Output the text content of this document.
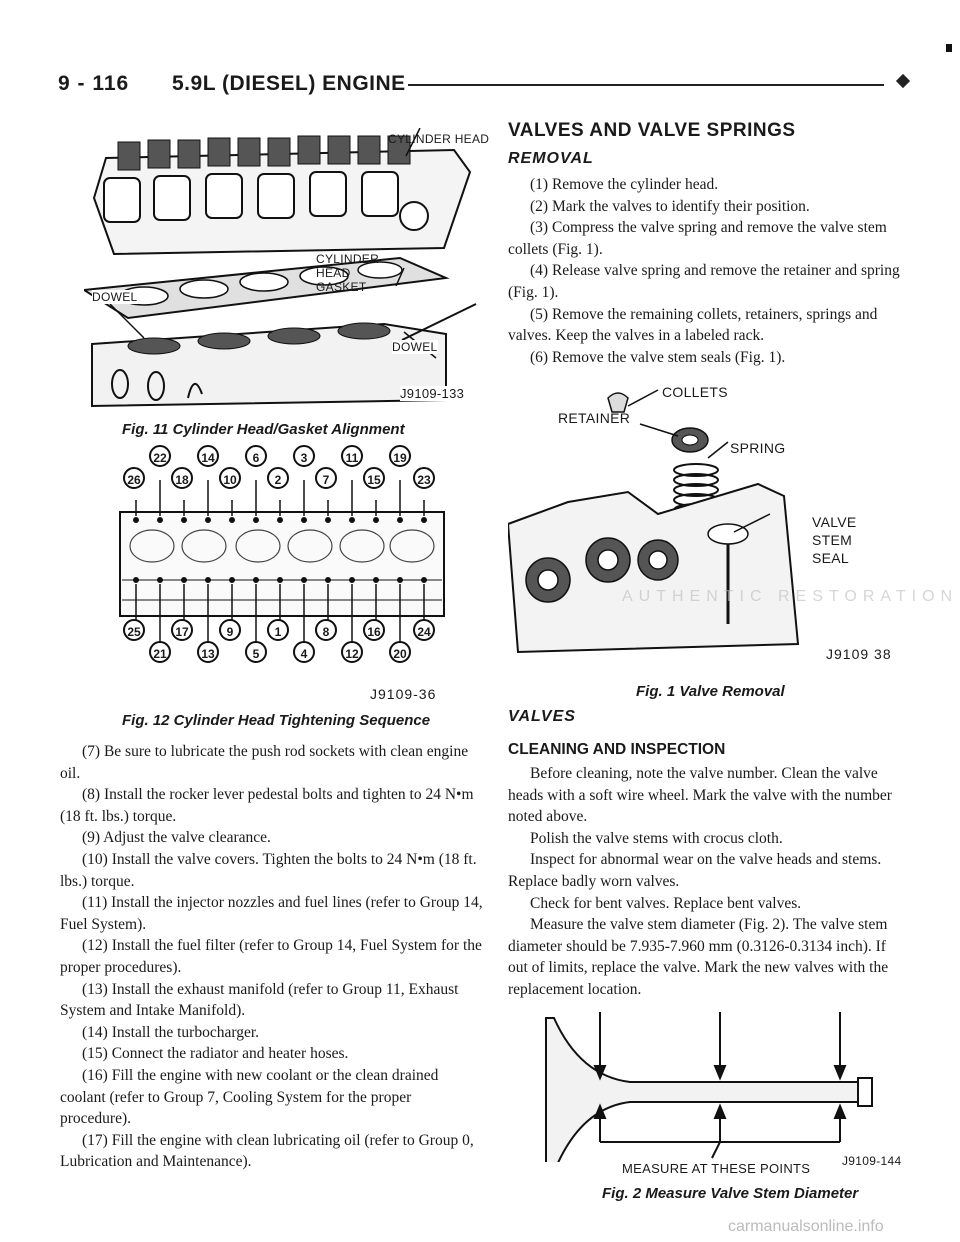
9 - 116 5.9L (DIESEL) ENGINE
CYLINDER HEAD
CYLINDER HEAD GASKET
DOWEL
DOWEL
J9109-133
Fig. 11 Cylinder Head/Gasket Alignment
22	14	6	3	11	19
26	18	10	2	7	15	23
25	17	9	1	8	16	24
21	13	5	4	12	20
J9109-36
Fig. 12 Cylinder Head Tightening Sequence

(7) Be sure to lubricate the push rod sockets with clean engine oil.

(8) Install the rocker lever pedestal bolts and tighten to 24 N•m (18 ft. lbs.) torque.

(9) Adjust the valve clearance.

(10) Install the valve covers. Tighten the bolts to 24 N•m (18 ft. lbs.) torque.

(11) Install the injector nozzles and fuel lines (refer to Group 14, Fuel System).

(12) Install the fuel filter (refer to Group 14, Fuel System for the proper procedures).

(13) Install the exhaust manifold (refer to Group 11, Exhaust System and Intake Manifold).

(14) Install the turbocharger.

(15) Connect the radiator and heater hoses.

(16) Fill the engine with new coolant or the clean drained coolant (refer to Group 7, Cooling System for the proper procedure).

(17) Fill the engine with clean lubricating oil (refer to Group 0, Lubrication and Maintenance).

VALVES AND VALVE SPRINGS
REMOVAL

(1) Remove the cylinder head.

(2) Mark the valves to identify their position.

(3) Compress the valve spring and remove the valve stem collets (Fig. 1).

(4) Release valve spring and remove the retainer and spring (Fig. 1).

(5) Remove the remaining collets, retainers, springs and valves. Keep the valves in a labeled rack.

(6) Remove the valve stem seals (Fig. 1).

COLLETS
RETAINER
SPRING
VALVE
STEM
SEAL
J9109 38
Fig. 1 Valve Removal
AUTHENTIC RESTORATION
VALVES
CLEANING AND INSPECTION

Before cleaning, note the valve number. Clean the valve heads with a soft wire wheel. Mark the valve with the number noted above.

Polish the valve stems with crocus cloth.

Inspect for abnormal wear on the valve heads and stems. Replace badly worn valves.

Check for bent valves. Replace bent valves.

Measure the valve stem diameter (Fig. 2). The valve stem diameter should be 7.935-7.960 mm (0.3126-0.3134 inch). If out of limits, replace the valve. Mark the new valves with the replacement location.

MEASURE AT THESE POINTS	J9109-144
Fig. 2 Measure Valve Stem Diameter
carmanualsonline.info
